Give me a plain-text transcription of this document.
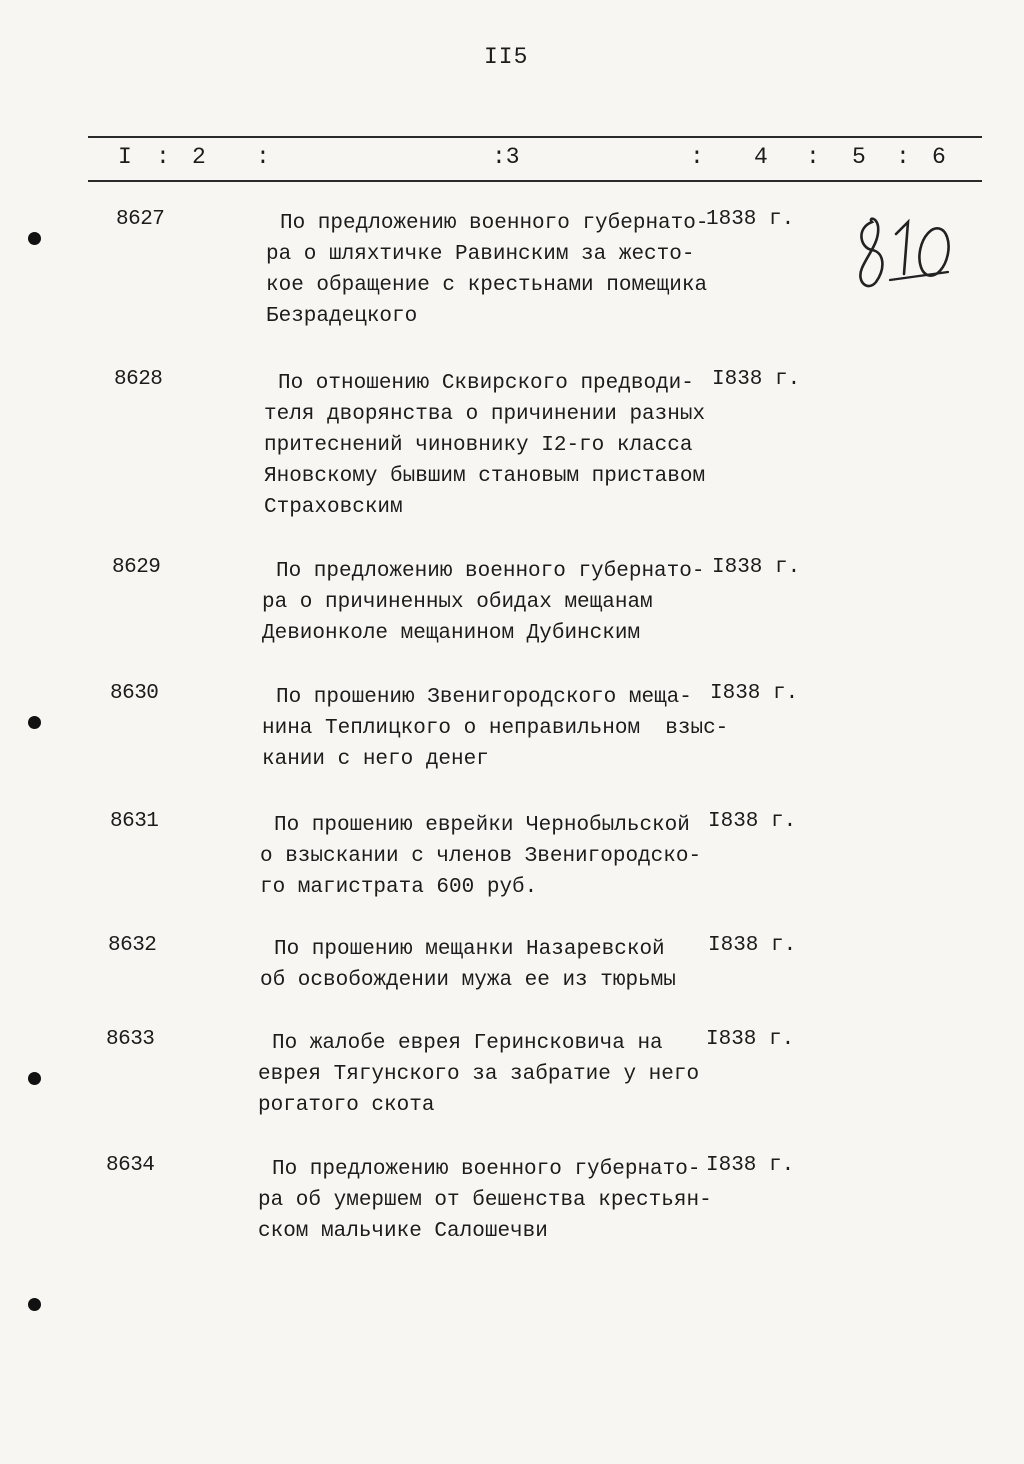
II5
I : 2 :	:3	: 4 : 5 : 6
8627	По предложению военного губернато-
ра о шляхтичке Равинским за жесто-
кое обращение с крестьнами помещика
Безрадецкого
1838 г.
8628	По отношению Сквирского предводи-
теля дворянства о причинении разных
притеснений чиновнику I2-го класса
Яновскому бывшим становым приставом
Страховским
I838 г.
8629	По предложению военного губернато-
ра о причиненных обидах мещанам
Девионколе мещанином Дубинским
I838 г.
8630	По прошению Звенигородского меща-
нина Теплицкого о неправильном  взыс-
кании с него денег
I838 г.
8631	По прошению еврейки Чернобыльской
о взыскании с членов Звенигородско-
го магистрата 600 руб.
I838 г.
8632	По прошению мещанки Назаревской
об освобождении мужа ее из тюрьмы
I838 г.
8633	По жалобе еврея Геринсковича на
еврея Тягунского за забратие у него
рогатого скота
I838 г.
8634	По предложению военного губернато-
ра об умершем от бешенства крестьян-
ском мальчике Салошечви
I838 г.
